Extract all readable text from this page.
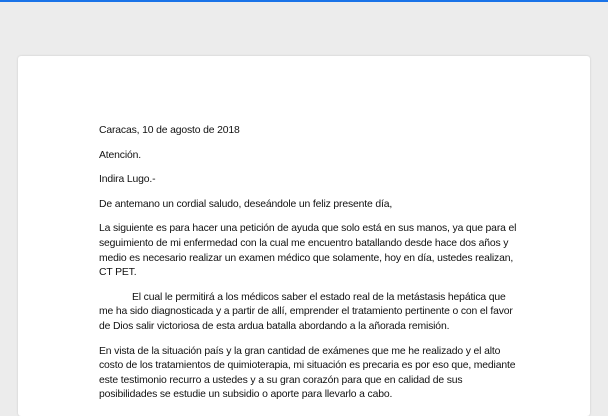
Caracas, 10 de agosto de 2018

Atención.

Indira Lugo.-

De antemano un cordial saludo, deseándole un feliz presente día,

La siguiente es para hacer una petición de ayuda que solo está en sus manos, ya que para el seguimiento de mi enfermedad con la cual me encuentro batallando desde hace dos años y medio es necesario realizar un examen médico que solamente, hoy en día, ustedes realizan, CT PET.

El cual le permitirá a los médicos saber el estado real de la metástasis hepática que me ha sido diagnosticada y a partir de allí, emprender el tratamiento pertinente o con el favor de Dios salir victoriosa de esta ardua batalla abordando a la añorada remisión.

En vista de la situación país y la gran cantidad de exámenes que me he realizado y el alto costo de los tratamientos de quimioterapia, mi situación es precaria es por eso que, mediante este testimonio recurro a ustedes y a su gran corazón para que en calidad de sus posibilidades se estudie un subsidio o aporte para llevarlo a cabo.
